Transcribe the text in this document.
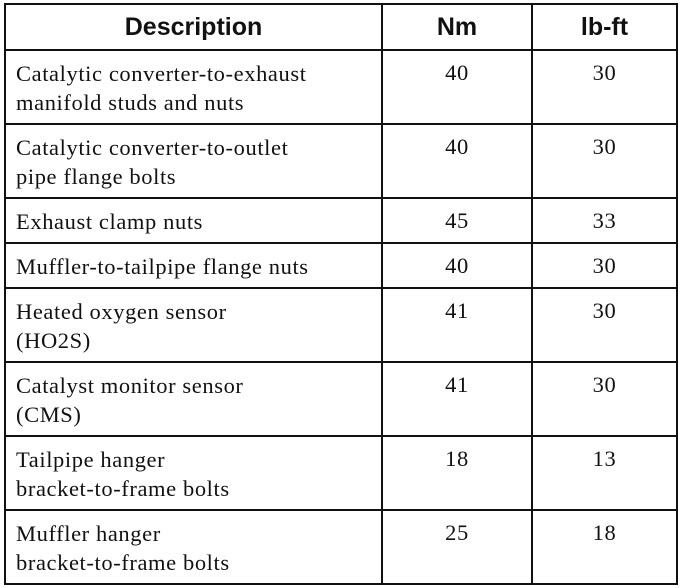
Description	Nm	lb-ft

Catalytic converter-to-exhaust
manifold studs and nuts	40	30

Catalytic converter-to-outlet
pipe flange bolts	40	30

Exhaust clamp nuts	45	33

Muffler-to-tailpipe flange nuts	40	30

Heated oxygen sensor
(HO2S)	41	30

Catalyst monitor sensor
(CMS)	41	30

Tailpipe hanger
bracket-to-frame bolts	18	13

Muffler hanger
bracket-to-frame bolts	25	18
